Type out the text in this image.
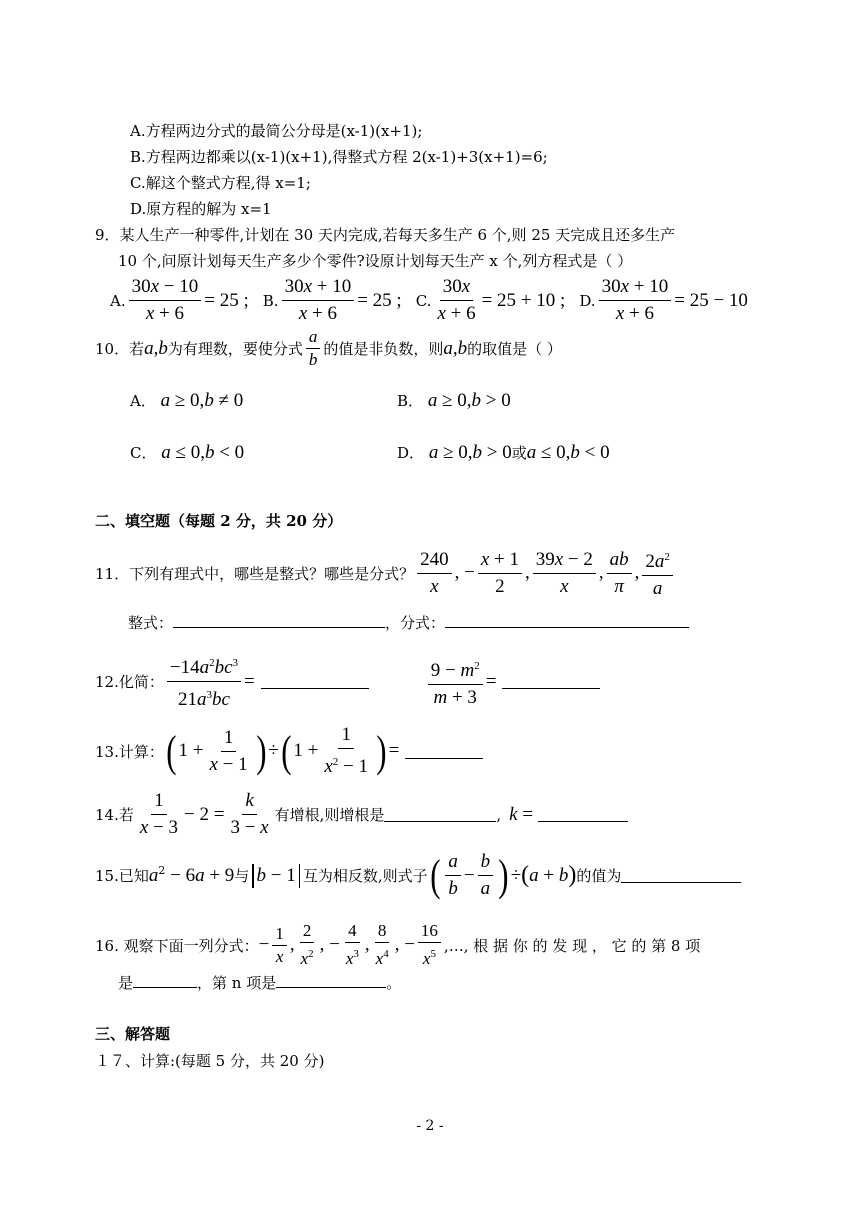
A.方程两边分式的最简公分母是(x-1)(x+1);
B.方程两边都乘以(x-1)(x+1),得整式方程 2(x-1)+3(x+1)=6;
C.解这个整式方程,得 x=1;
D.原方程的解为 x=1
9．某人生产一种零件,计划在 30 天内完成,若每天多生产 6 个,则 25 天完成且还多生产
10 个,问原计划每天生产多少个零件?设原计划每天生产 x 个,列方程式是（ ）
A. $\frac{30x - 10}{x + 6} = 25$ ; B. $\frac{30x + 10}{x + 6} = 25$ ; C. $\frac{30x}{x + 6} = 25 + 10$ ; D. $\frac{30x + 10}{x + 6} = 25 - 10$
10．若 a , b 为有理数，要使分式 $\frac{a}{b}$ 的值是非负数，则 a , b 的取值是（ ）
A． a ≥ 0,b ≠ 0	B． a ≥ 0,b > 0
C． a ≤ 0,b < 0	D． a ≥ 0,b > 0或a ≤ 0,b < 0
二、填空题（每题 2 分，共 20 分）
11．下列有理式中，哪些是整式？哪些是分式？ $\frac{240}{x}$ , − $\frac{x + 1}{2}$ , $\frac{39x - 2}{x}$ , $\frac{ab}{\pi}$ , $\frac{2a^2}{a}$
整式：	，分式：
12.化简： $\frac{-14a^2bc^3}{21a^3bc}$ =	$\frac{9 - m^2}{m + 3}$ =
13.计算： ( $1 + \frac{1}{x - 1}$ ) ÷ ( $1 + \frac{1}{x^2 - 1}$ ) =
14.若 $\frac{1}{x - 3} - 2 = \frac{k}{3 - x}$ 有增根,则增根是	, k =
15.已知 $a^2 - 6$ a + 9 与 b − 1 互为相反数,则式子 ( $\frac{a}{b} - \frac{b}{a}$ ) ÷ ( a + b ) 的值为
16. 观察下面一列分式： − $\frac{1}{x}$ , $\frac{2}{x^2}$ , − $\frac{4}{x^3}$ , $\frac{8}{x^4}$ , − $\frac{16}{x^5}$ ,…, 根 据 你 的 发 现 ， 它 的 第 8 项
是	，第 n 项是	。
三、解答题
１７、计算:(每题 5 分，共 20 分)
- 2 -
